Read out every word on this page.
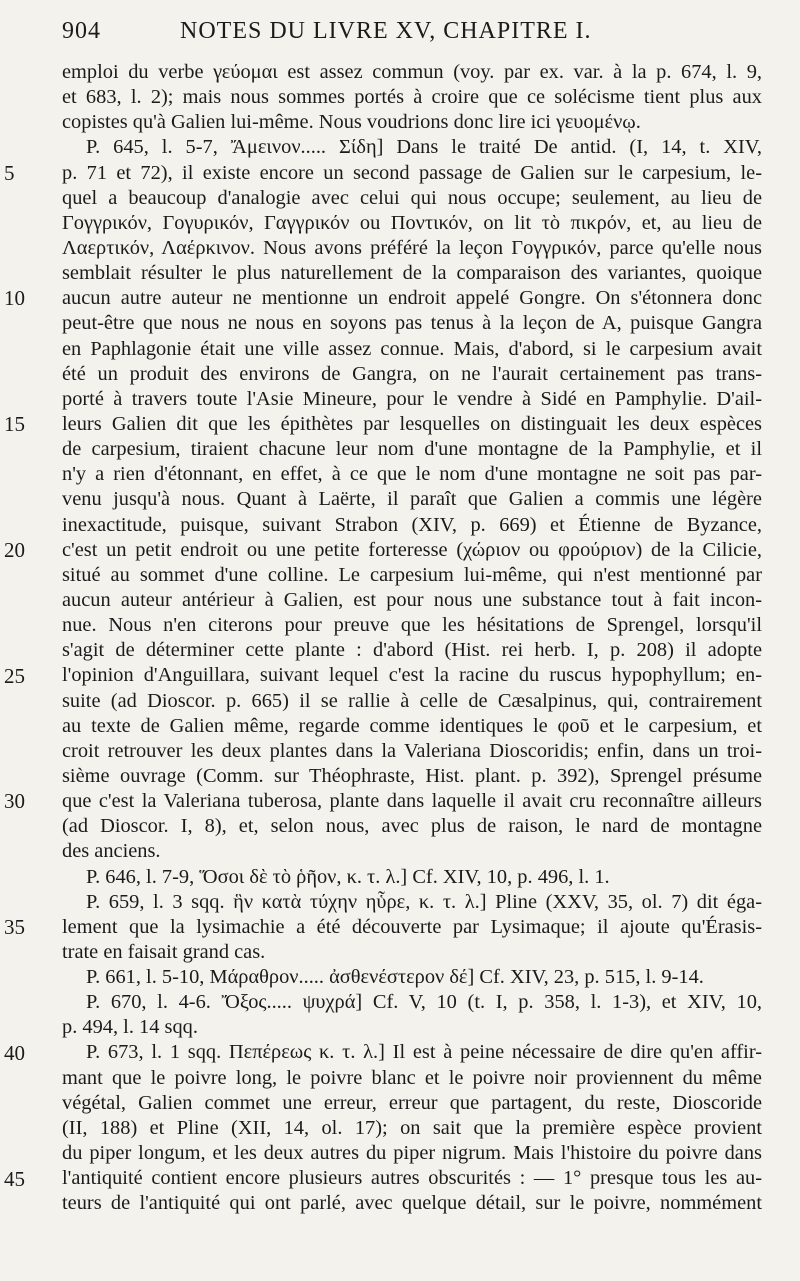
904	NOTES DU LIVRE XV, CHAPITRE I.
emploi du verbe γεύομαι est assez commun (voy. par ex. var. à la p. 674, l. 9,
et 683, l. 2); mais nous sommes portés à croire que ce solécisme tient plus aux
copistes qu'à Galien lui-même. Nous voudrions donc lire ici γευομένῳ.
P. 645, l. 5-7, Ἄμεινον..... Σίδη] Dans le traité De antid. (I, 14, t. XIV,
p. 71 et 72), il existe encore un second passage de Galien sur le carpesium, le-
quel a beaucoup d'analogie avec celui qui nous occupe; seulement, au lieu de
Γογγρικόν, Γογυρικόν, Γαγγρικόν ou Ποντικόν, on lit τὸ πικρόν, et, au lieu de
Λαερτικόν, Λαέρκινον. Nous avons préféré la leçon Γογγρικόν, parce qu'elle nous
semblait résulter le plus naturellement de la comparaison des variantes, quoique
aucun autre auteur ne mentionne un endroit appelé Gongre. On s'étonnera donc
peut-être que nous ne nous en soyons pas tenus à la leçon de A, puisque Gangra
en Paphlagonie était une ville assez connue. Mais, d'abord, si le carpesium avait
été un produit des environs de Gangra, on ne l'aurait certainement pas trans-
porté à travers toute l'Asie Mineure, pour le vendre à Sidé en Pamphylie. D'ail-
leurs Galien dit que les épithètes par lesquelles on distinguait les deux espèces
de carpesium, tiraient chacune leur nom d'une montagne de la Pamphylie, et il
n'y a rien d'étonnant, en effet, à ce que le nom d'une montagne ne soit pas par-
venu jusqu'à nous. Quant à Laërte, il paraît que Galien a commis une légère
inexactitude, puisque, suivant Strabon (XIV, p. 669) et Étienne de Byzance,
c'est un petit endroit ou une petite forteresse (χώριον ou φρούριον) de la Cilicie,
situé au sommet d'une colline. Le carpesium lui-même, qui n'est mentionné par
aucun auteur antérieur à Galien, est pour nous une substance tout à fait incon-
nue. Nous n'en citerons pour preuve que les hésitations de Sprengel, lorsqu'il
s'agit de déterminer cette plante : d'abord (Hist. rei herb. I, p. 208) il adopte
l'opinion d'Anguillara, suivant lequel c'est la racine du ruscus hypophyllum; en-
suite (ad Dioscor. p. 665) il se rallie à celle de Cæsalpinus, qui, contrairement
au texte de Galien même, regarde comme identiques le φοῦ et le carpesium, et
croit retrouver les deux plantes dans la Valeriana Dioscoridis; enfin, dans un troi-
sième ouvrage (Comm. sur Théophraste, Hist. plant. p. 392), Sprengel présume
que c'est la Valeriana tuberosa, plante dans laquelle il avait cru reconnaître ailleurs
(ad Dioscor. I, 8), et, selon nous, avec plus de raison, le nard de montagne
des anciens.
P. 646, l. 7-9, Ὅσοι δὲ τὸ ῥῆον, κ. τ. λ.] Cf. XIV, 10, p. 496, l. 1.
P. 659, l. 3 sqq. ἣν κατὰ τύχην ηὗρε, κ. τ. λ.] Pline (XXV, 35, ol. 7) dit éga-
lement que la lysimachie a été découverte par Lysimaque; il ajoute qu'Érasis-
trate en faisait grand cas.
P. 661, l. 5-10, Μάραθρον..... ἀσθενέστερον δέ] Cf. XIV, 23, p. 515, l. 9-14.
P. 670, l. 4-6. Ὄξος..... ψυχρά] Cf. V, 10 (t. I, p. 358, l. 1-3), et XIV, 10,
p. 494, l. 14 sqq.
P. 673, l. 1 sqq. Πεπέρεως κ. τ. λ.] Il est à peine nécessaire de dire qu'en affir-
mant que le poivre long, le poivre blanc et le poivre noir proviennent du même
végétal, Galien commet une erreur, erreur que partagent, du reste, Dioscoride
(II, 188) et Pline (XII, 14, ol. 17); on sait que la première espèce provient
du piper longum, et les deux autres du piper nigrum. Mais l'histoire du poivre dans
l'antiquité contient encore plusieurs autres obscurités : — 1° presque tous les au-
teurs de l'antiquité qui ont parlé, avec quelque détail, sur le poivre, nommément
5
10
15
20
25
30
35
40
45
